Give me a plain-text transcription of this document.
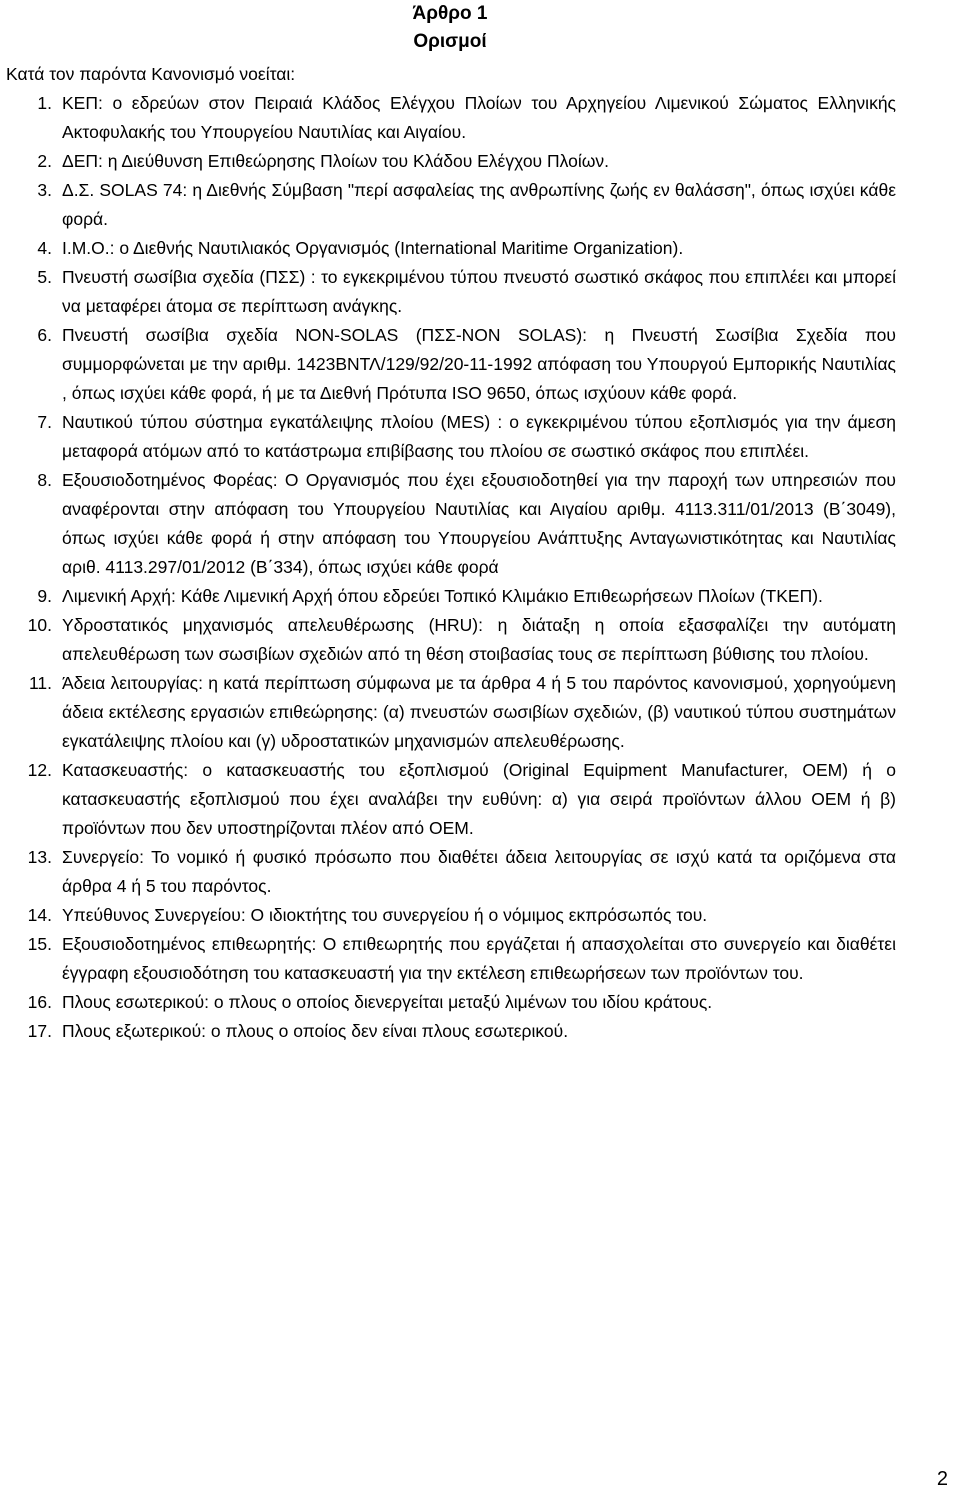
Άρθρο 1
Ορισμοί
Κατά τον παρόντα Κανονισμό νοείται:
1. ΚΕΠ: ο εδρεύων στον Πειραιά Κλάδος Ελέγχου Πλοίων του Αρχηγείου Λιμενικού Σώματος Ελληνικής Ακτοφυλακής του Υπουργείου Ναυτιλίας και Αιγαίου.
2. ΔΕΠ: η Διεύθυνση Επιθεώρησης Πλοίων του Κλάδου Ελέγχου Πλοίων.
3. Δ.Σ. SOLAS 74: η Διεθνής Σύμβαση "περί ασφαλείας της ανθρωπίνης ζωής εν θαλάσση", όπως ισχύει κάθε φορά.
4. I.M.O.: ο Διεθνής Ναυτιλιακός Οργανισμός (International Maritime Organization).
5. Πνευστή σωσίβια σχεδία (ΠΣΣ) : το εγκεκριμένου τύπου πνευστό σωστικό σκάφος που επιπλέει και μπορεί να μεταφέρει άτομα σε περίπτωση ανάγκης.
6. Πνευστή σωσίβια σχεδία NON-SOLAS (ΠΣΣ-NON SOLAS): η Πνευστή Σωσίβια Σχεδία που συμμορφώνεται με την αριθμ. 1423ΒΝΤΛ/129/92/20-11-1992 απόφαση του Υπουργού Εμπορικής Ναυτιλίας , όπως ισχύει κάθε φορά, ή με τα Διεθνή Πρότυπα ISO 9650, όπως ισχύουν κάθε φορά.
7. Ναυτικού τύπου σύστημα εγκατάλειψης πλοίου (MES) : ο εγκεκριμένου τύπου εξοπλισμός για την άμεση μεταφορά ατόμων από το κατάστρωμα επιβίβασης του πλοίου σε σωστικό σκάφος που επιπλέει.
8. Εξουσιοδοτημένος Φορέας: Ο Οργανισμός που έχει εξουσιοδοτηθεί για την παροχή των υπηρεσιών που αναφέρονται στην απόφαση του Υπουργείου Ναυτιλίας και Αιγαίου αριθμ. 4113.311/01/2013 (Β΄3049), όπως ισχύει κάθε φορά ή στην απόφαση του Υπουργείου Ανάπτυξης Ανταγωνιστικότητας και Ναυτιλίας αριθ. 4113.297/01/2012 (Β΄334), όπως ισχύει κάθε φορά
9. Λιμενική Αρχή: Κάθε Λιμενική Αρχή όπου εδρεύει Τοπικό Κλιμάκιο Επιθεωρήσεων Πλοίων (ΤΚΕΠ).
10. Υδροστατικός μηχανισμός απελευθέρωσης (HRU): η διάταξη η οποία εξασφαλίζει την αυτόματη απελευθέρωση των σωσιβίων σχεδιών από τη θέση στοιβασίας τους σε περίπτωση βύθισης του πλοίου.
11. Άδεια λειτουργίας: η κατά περίπτωση σύμφωνα με τα άρθρα 4 ή 5 του παρόντος κανονισμού, χορηγούμενη άδεια εκτέλεσης εργασιών επιθεώρησης: (α) πνευστών σωσιβίων σχεδιών, (β) ναυτικού τύπου συστημάτων εγκατάλειψης πλοίου και (γ) υδροστατικών μηχανισμών απελευθέρωσης.
12. Κατασκευαστής: ο κατασκευαστής του εξοπλισμού (Original Equipment Manufacturer, OEM) ή ο κατασκευαστής εξοπλισμού που έχει αναλάβει την ευθύνη: α) για σειρά προϊόντων άλλου OEM ή β) προϊόντων που δεν υποστηρίζονται πλέον από OEM.
13. Συνεργείο: Το νομικό ή φυσικό πρόσωπο που διαθέτει άδεια λειτουργίας σε ισχύ κατά τα οριζόμενα στα άρθρα 4 ή 5 του παρόντος.
14. Υπεύθυνος Συνεργείου: Ο ιδιοκτήτης του συνεργείου ή ο νόμιμος εκπρόσωπός του.
15. Εξουσιοδοτημένος επιθεωρητής: Ο επιθεωρητής που εργάζεται ή απασχολείται στο συνεργείο και διαθέτει έγγραφη εξουσιοδότηση του κατασκευαστή για την εκτέλεση επιθεωρήσεων των προϊόντων του.
16. Πλους εσωτερικού: ο πλους ο οποίος διενεργείται μεταξύ λιμένων του ιδίου κράτους.
17. Πλους εξωτερικού: ο πλους ο οποίος δεν είναι πλους εσωτερικού.
2
